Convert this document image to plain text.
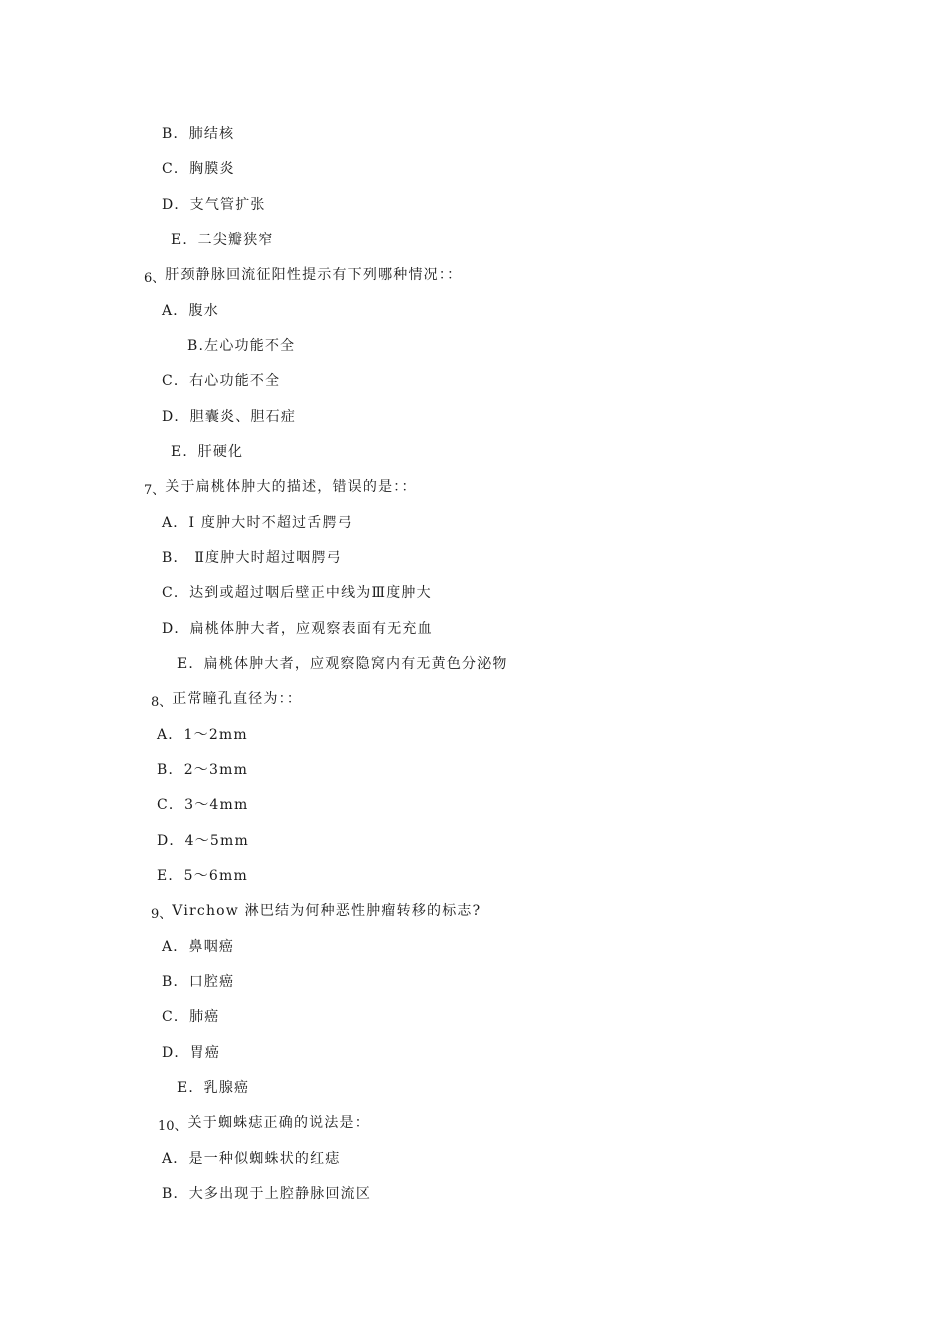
B．肺结核
C．胸膜炎
D．支气管扩张
E．二尖瓣狭窄
6、肝颈静脉回流征阳性提示有下列哪种情况：：
A．腹水
B.左心功能不全
C．右心功能不全
D．胆囊炎、胆石症
E．肝硬化
7、关于扁桃体肿大的描述，错误的是：：
A．I 度肿大时不超过舌腭弓
B． Ⅱ度肿大时超过咽腭弓
C．达到或超过咽后壁正中线为Ⅲ度肿大
D．扁桃体肿大者，应观察表面有无充血
E．扁桃体肿大者，应观察隐窝内有无黄色分泌物
8、正常瞳孔直径为：：
A．1～2mm
B．2～3mm
C．3～4mm
D．4～5mm
E．5～6mm
9、Virchow 淋巴结为何种恶性肿瘤转移的标志?
A．鼻咽癌
B．口腔癌
C．肺癌
D．胃癌
E．乳腺癌
10、关于蜘蛛痣正确的说法是：
A．是一种似蜘蛛状的红痣
B．大多出现于上腔静脉回流区
